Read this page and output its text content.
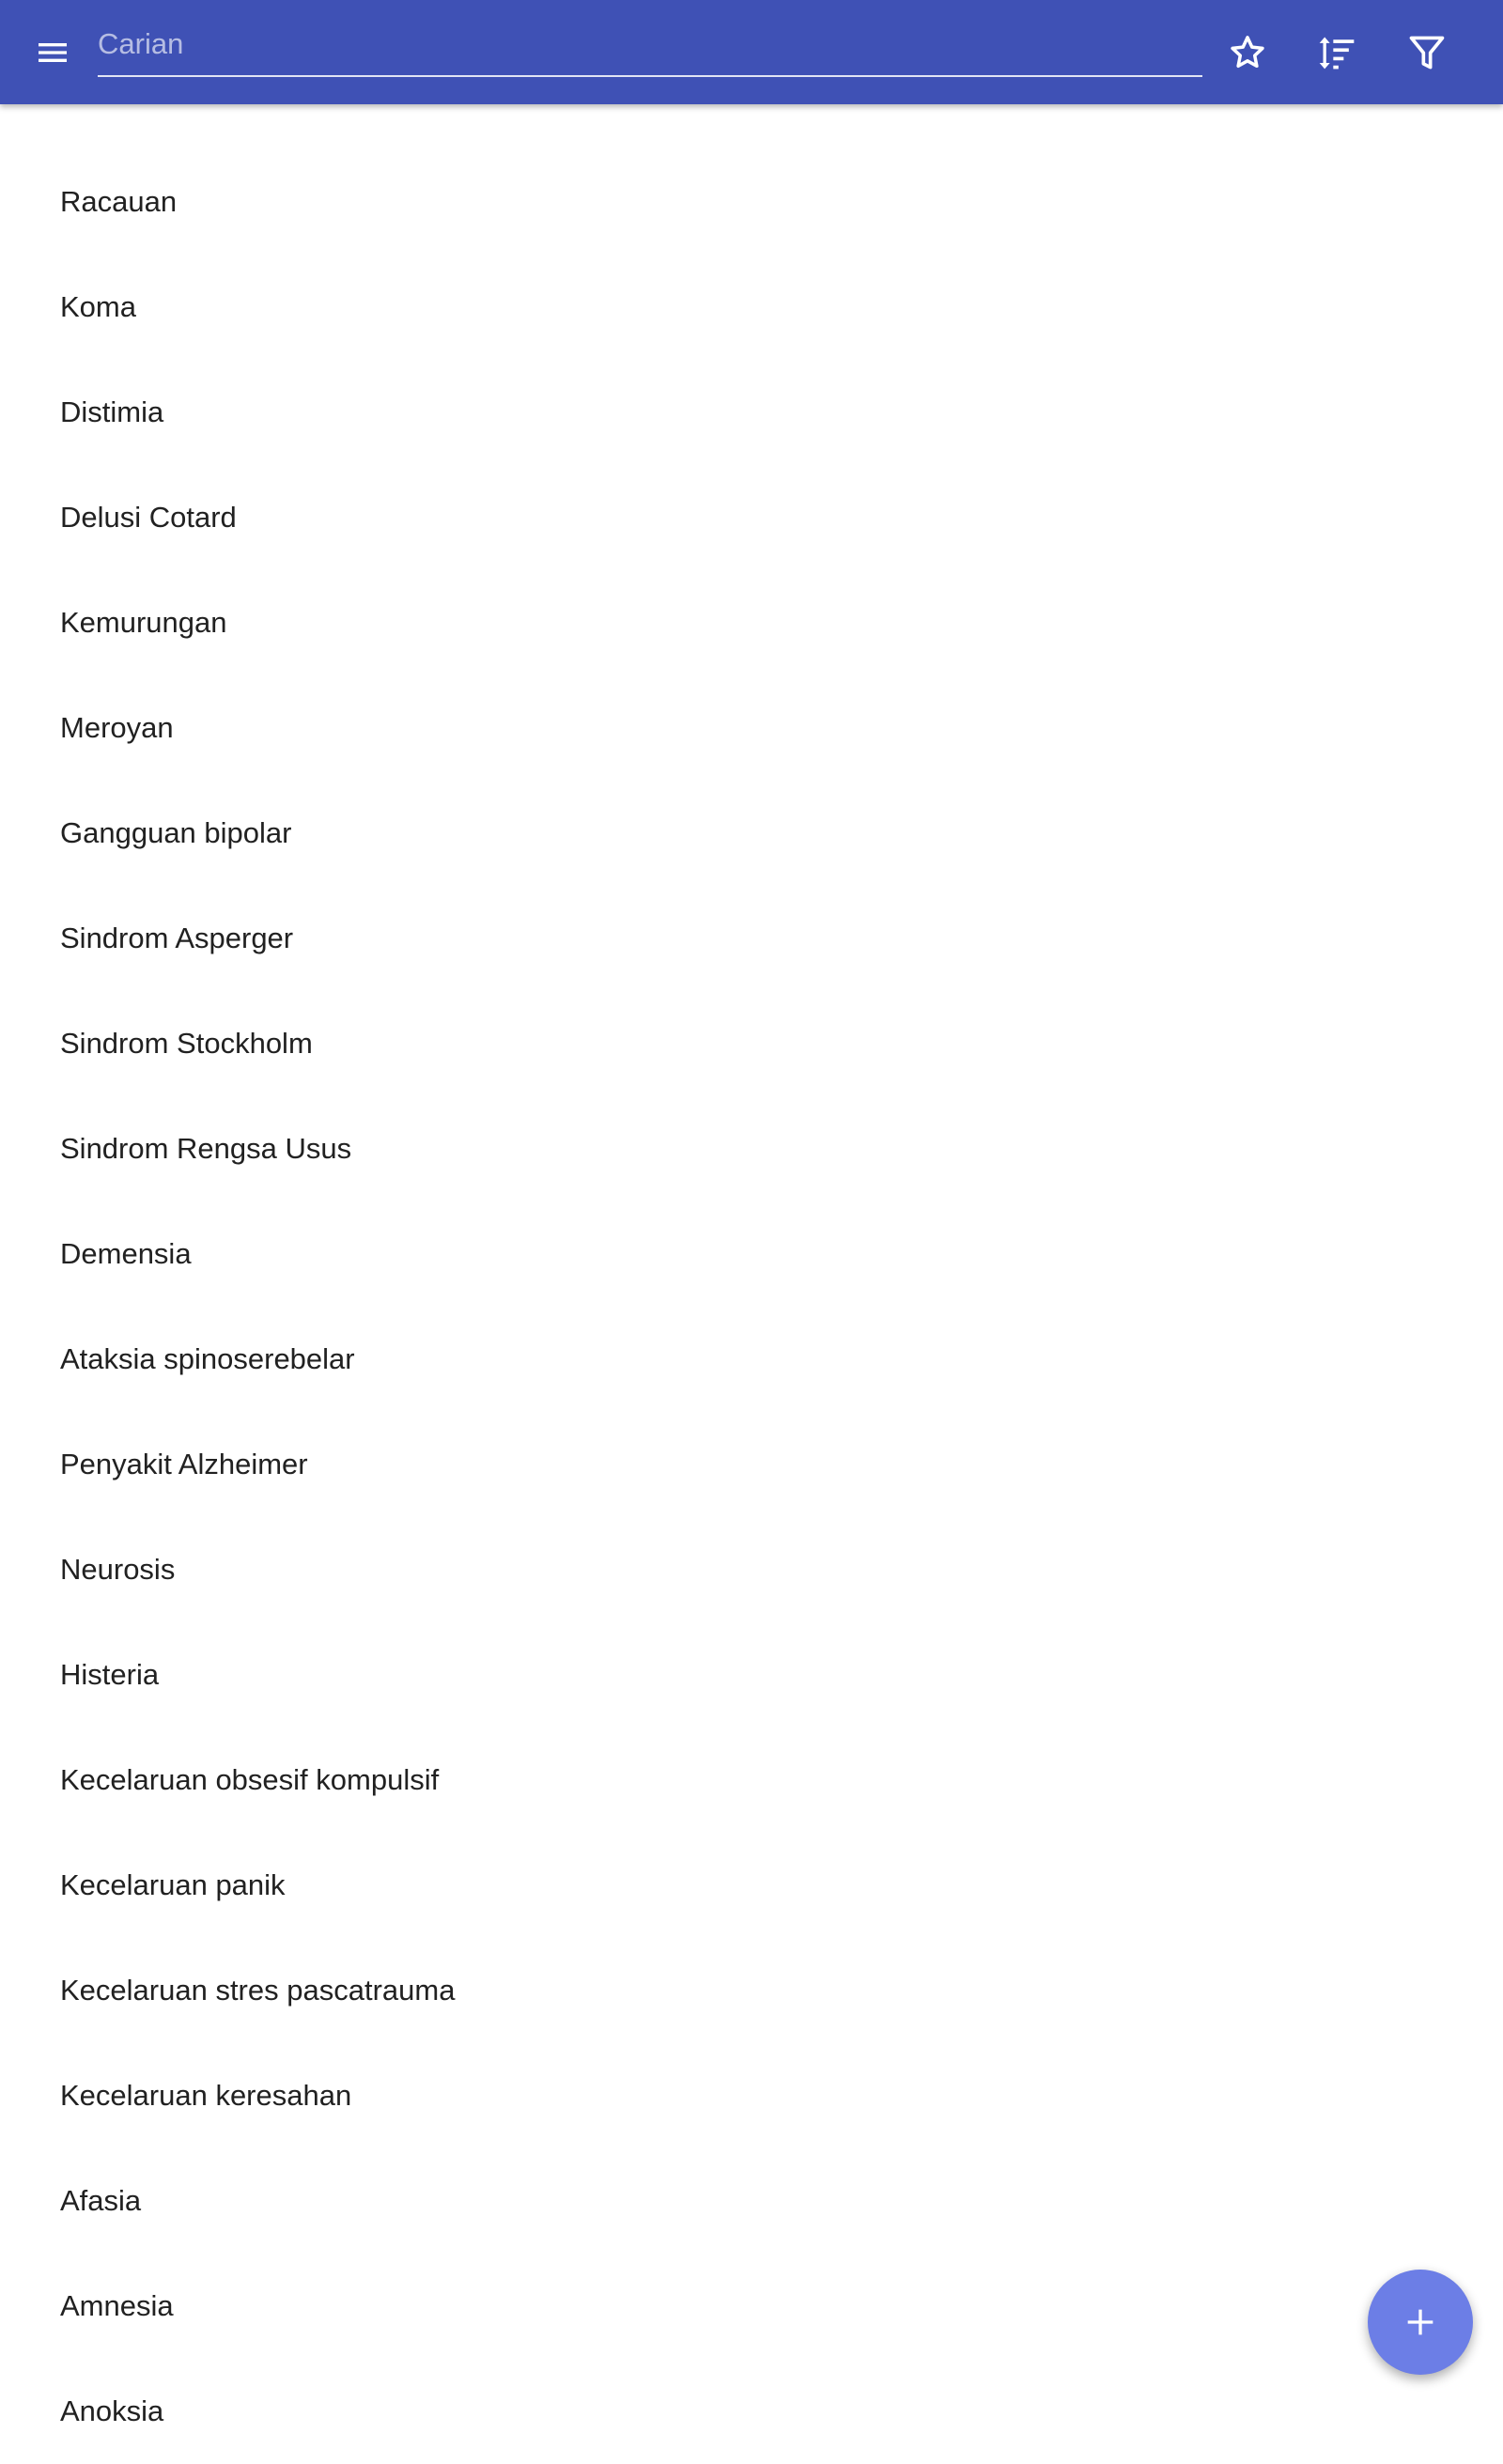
Carian
Racauan
Koma
Distimia
Delusi Cotard
Kemurungan
Meroyan
Gangguan bipolar
Sindrom Asperger
Sindrom Stockholm
Sindrom Rengsa Usus
Demensia
Ataksia spinoserebelar
Penyakit Alzheimer
Neurosis
Histeria
Kecelaruan obsesif kompulsif
Kecelaruan panik
Kecelaruan stres pascatrauma
Kecelaruan keresahan
Afasia
Amnesia
Anoksia
